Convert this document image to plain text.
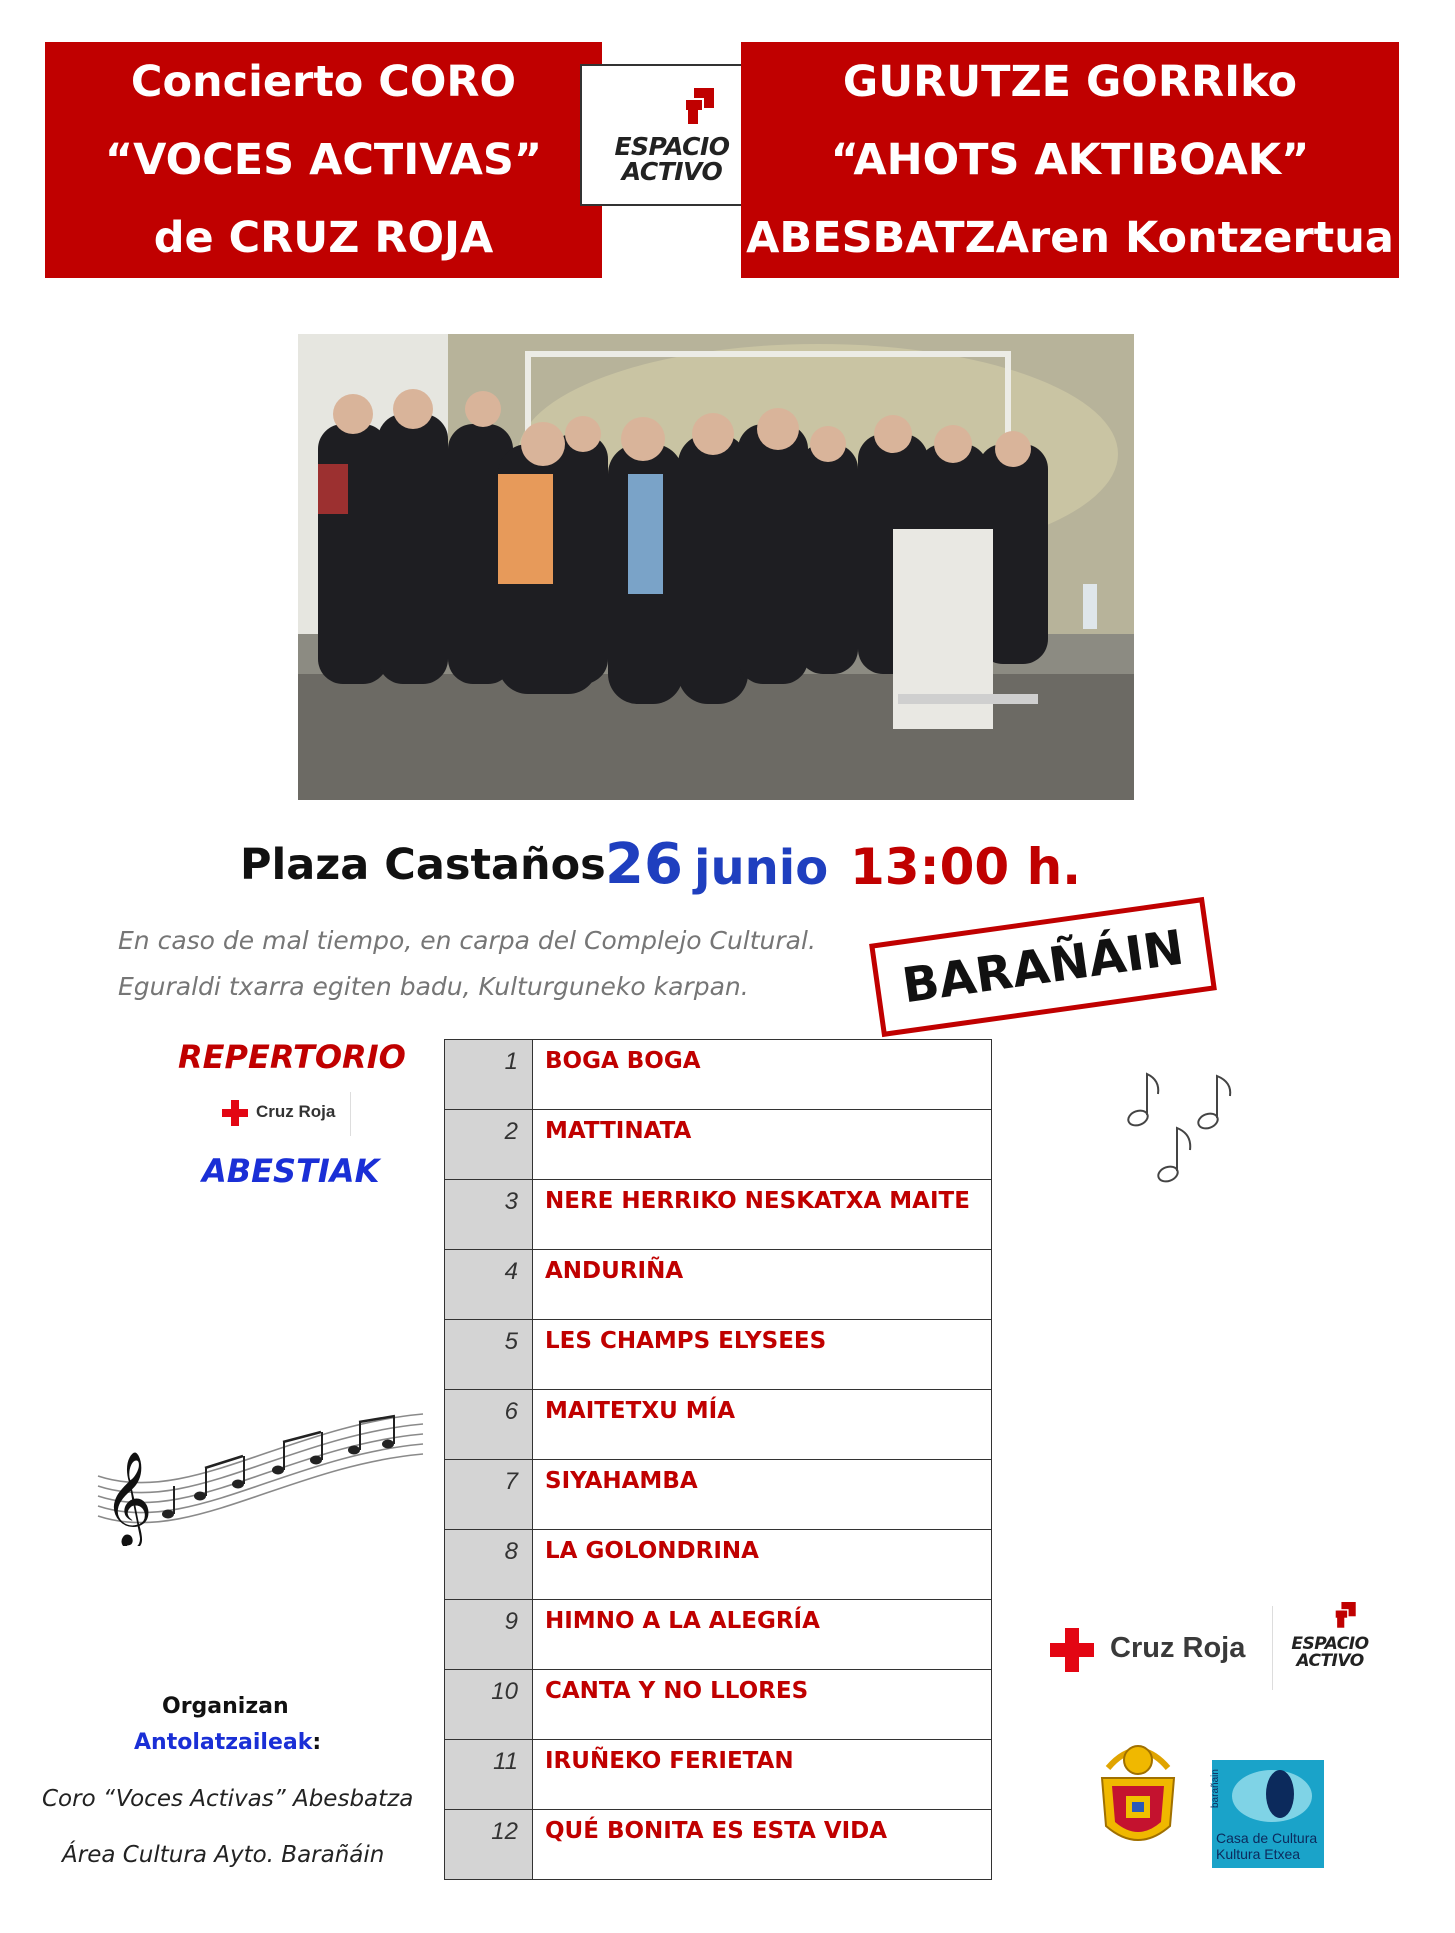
Concierto CORO
“VOCES ACTIVAS”
de CRUZ ROJA
ESPACIO
ACTIVO
GURUTZE GORRIko
“AHOTS AKTIBOAK”
ABESBATZAren Kontzertua
Plaza Castaños 26 junio 13:00 h.
En caso de mal tiempo, en carpa del Complejo Cultural.
Eguraldi txarra egiten badu, Kulturguneko karpan.	BARAÑÁIN
REPERTORIO
Cruz Roja
ABESTIAK
𝄞
1	BOGA BOGA
2	MATTINATA
3	NERE HERRIKO NESKATXA MAITE
4	ANDURIÑA
5	LES CHAMPS ELYSEES
6	MAITETXU MÍA
7	SIYAHAMBA
8	LA GOLONDRINA
9	HIMNO A LA ALEGRÍA
10	CANTA Y NO LLORES
11	IRUÑEKO FERIETAN
12	QUÉ BONITA ES ESTA VIDA
Organizan
Antolatzaileak:
Coro “Voces Activas” Abesbatza
Área Cultura Ayto. Barañáin
Cruz Roja	ESPACIO
ACTIVO
barañain
Casa de Cultura
Kultura Etxea
